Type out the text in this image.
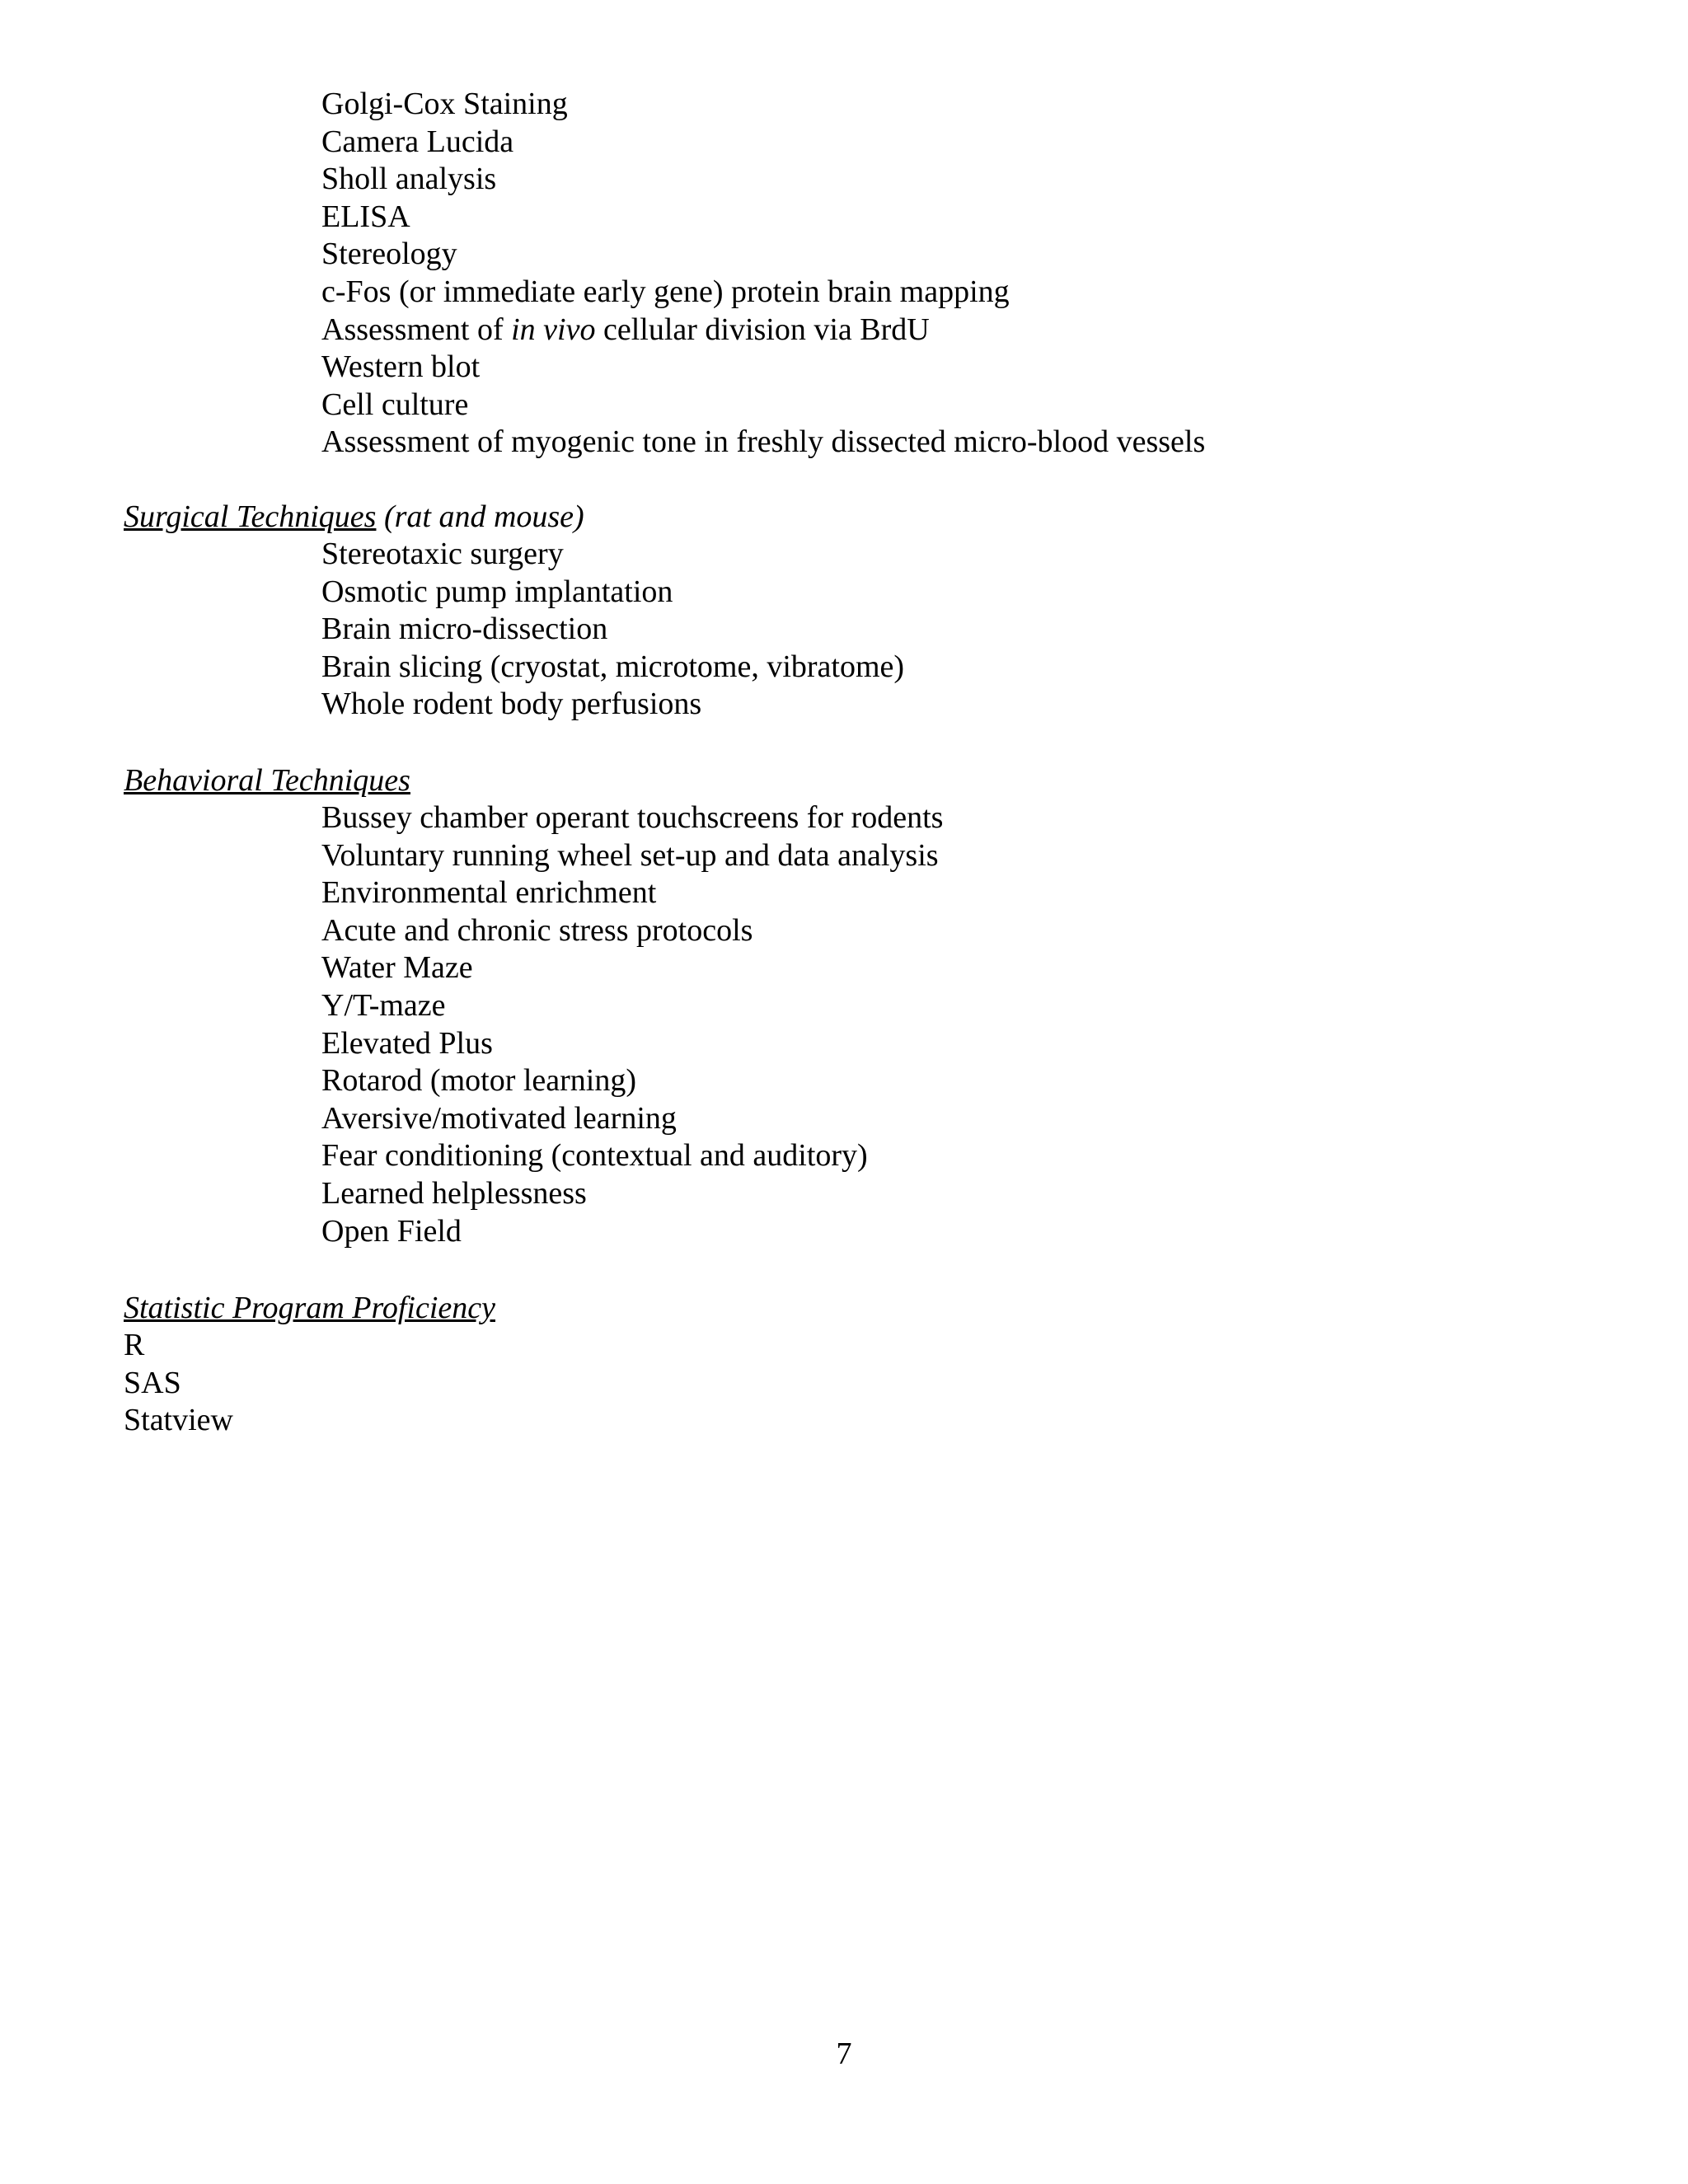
Golgi-Cox Staining
Camera Lucida
Sholl analysis
ELISA
Stereology
c-Fos (or immediate early gene) protein brain mapping
Assessment of in vivo cellular division via BrdU
Western blot
Cell culture
Assessment of myogenic tone in freshly dissected micro-blood vessels
Surgical Techniques (rat and mouse)
Stereotaxic surgery
Osmotic pump implantation
Brain micro-dissection
Brain slicing (cryostat, microtome, vibratome)
Whole rodent body perfusions
Behavioral Techniques
Bussey chamber operant touchscreens for rodents
Voluntary running wheel set-up and data analysis
Environmental enrichment
Acute and chronic stress protocols
Water Maze
Y/T-maze
Elevated Plus
Rotarod (motor learning)
Aversive/motivated learning
Fear conditioning (contextual and auditory)
Learned helplessness
Open Field
Statistic Program Proficiency
R
SAS
Statview
7
